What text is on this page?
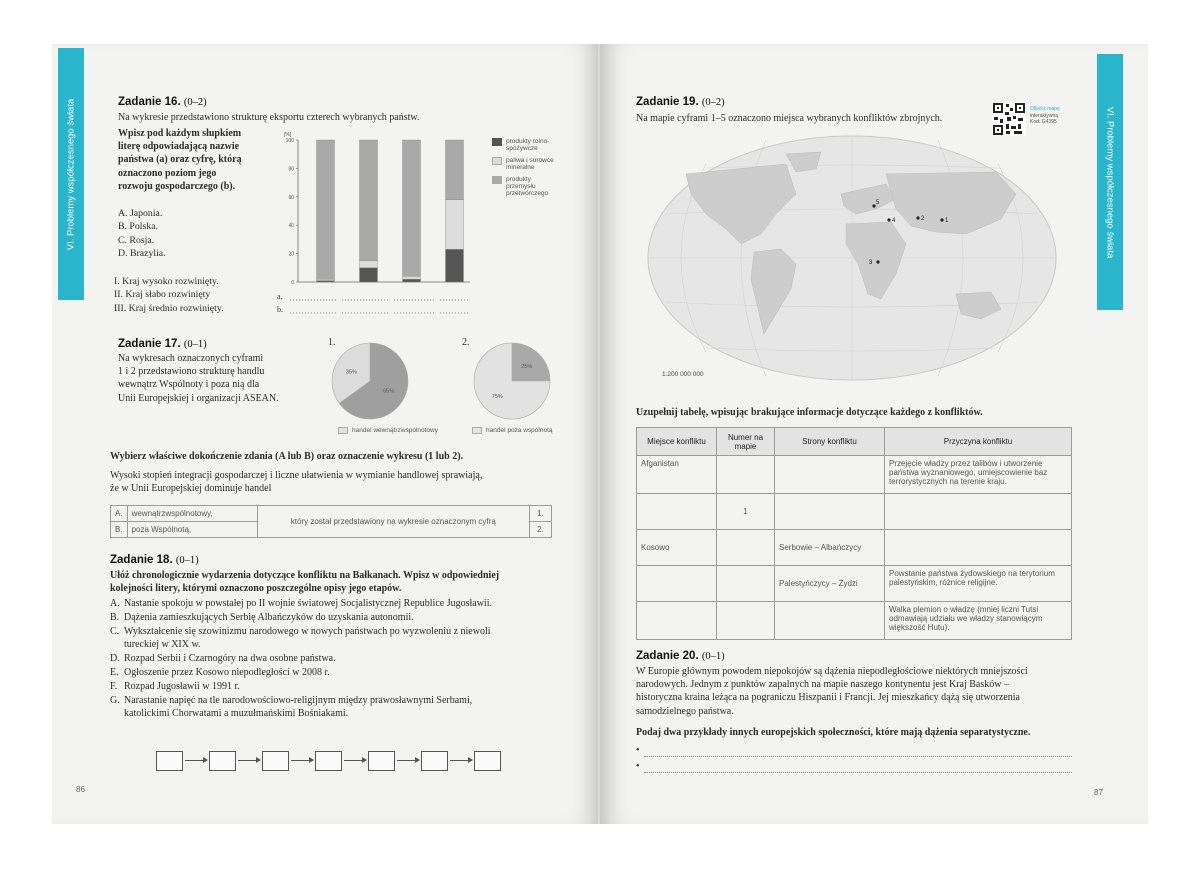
VI. Problemy współczesnego świata	Zadanie 16. (0–2)
Na wykresie przedstawiono strukturę eksportu czterech wybranych państw.
Wpisz pod każdym słupkiem
literę odpowiadającą nazwie
państwa (a) oraz cyfrę, którą
oznaczono poziom jego
rozwoju gospodarczego (b).
A. Japonia.
B. Polska.
C. Rosja.
D. Brazylia.
I. Kraj wysoko rozwinięty.
II. Kraj słabo rozwinięty
III. Kraj średnio rozwinięty.
[%]
0
20
40
60
80
100
a.
b.
produkty rolno-spożywcze
paliwa i surowce mineralne
produkty przemysłu przetwórczego
Zadanie 17. (0–1)
Na wykresach oznaczonych cyframi
1 i 2 przedstawiono strukturę handlu
wewnątrz Wspólnoty i poza nią dla
Unii Europejskiej i organizacji ASEAN.
1.
65%
35%
handel wewnątrzwspólnotowy
2.
25%
75%
handel poza wspólnotą
Wybierz właściwe dokończenie zdania (A lub B) oraz oznaczenie wykresu (1 lub 2).
Wysoki stopień integracji gospodarczej i liczne ułatwienia w wymianie handlowej sprawiają,
że w Unii Europejskiej dominuje handel
A.	wewnątrzwspólnotowy,	który został przedstawiony na wykresie oznaczonym cyfrą	1.
B.	poza Wspólnotą,		2.
Zadanie 18. (0–1)
Ułóż chronologicznie wydarzenia dotyczące konfliktu na Bałkanach. Wpisz w odpowiedniej
kolejności litery, którymi oznaczono poszczególne opisy jego etapów.
A. Nastanie spokoju w powstałej po II wojnie światowej Socjalistycznej Republice Jugosławii.
B. Dążenia zamieszkujących Serbię Albańczyków do uzyskania autonomii.
C. Wykształcenie się szowinizmu narodowego w nowych państwach po wyzwoleniu z niewoli
tureckiej w XIX w.
D. Rozpad Serbii i Czarnogóry na dwa osobne państwa.
E. Ogłoszenie przez Kosowo niepodległości w 2008 r.
F. Rozpad Jugosławii w 1991 r.
G. Narastanie napięć na tle narodowościowo-religijnym między prawosławnymi Serbami,
katolickimi Chorwatami a muzułmańskimi Bośniakami.
86
Zadanie 19. (0–2)
Na mapie cyframi 1–5 oznaczono miejsca wybranych konfliktów zbrojnych.
Otwórz mapę
interaktywną
Kod: G4395
5
4	2	1
3
1:200 000 000
Uzupełnij tabelę, wpisując brakujące informacje dotyczące każdego z konfliktów.
Miejsce konfliktu	Numer na mapie	Strony konfliktu	Przyczyna konfliktu
Afganistan			Przejęcie władzy przez talibów i utworzenie państwa wyznaniowego, umiejscowienie baz terrorystycznych na terenie kraju.
	1		
Kosowo		Serbowie – Albańczycy	
		Palestyńczycy – Żydzi	Powstanie państwa żydowskiego na terytorium palestyńskim, różnice religijne.
			Walka plemion o władzę (mniej liczni Tutsi odmawiają udziału we władzy stanowiącym większość Hutu).
Zadanie 20. (0–1)
W Europie głównym powodem niepokojów są dążenia niepodległościowe niektórych mniejszości
narodowych. Jednym z punktów zapalnych na mapie naszego kontynentu jest Kraj Basków –
historyczna kraina leżąca na pograniczu Hiszpanii i Francji. Jej mieszkańcy dążą się utworzenia
samodzielnego państwa.
Podaj dwa przykłady innych europejskich społeczności, które mają dążenia separatystyczne.
•
•
87
VI. Problemy współczesnego świata
